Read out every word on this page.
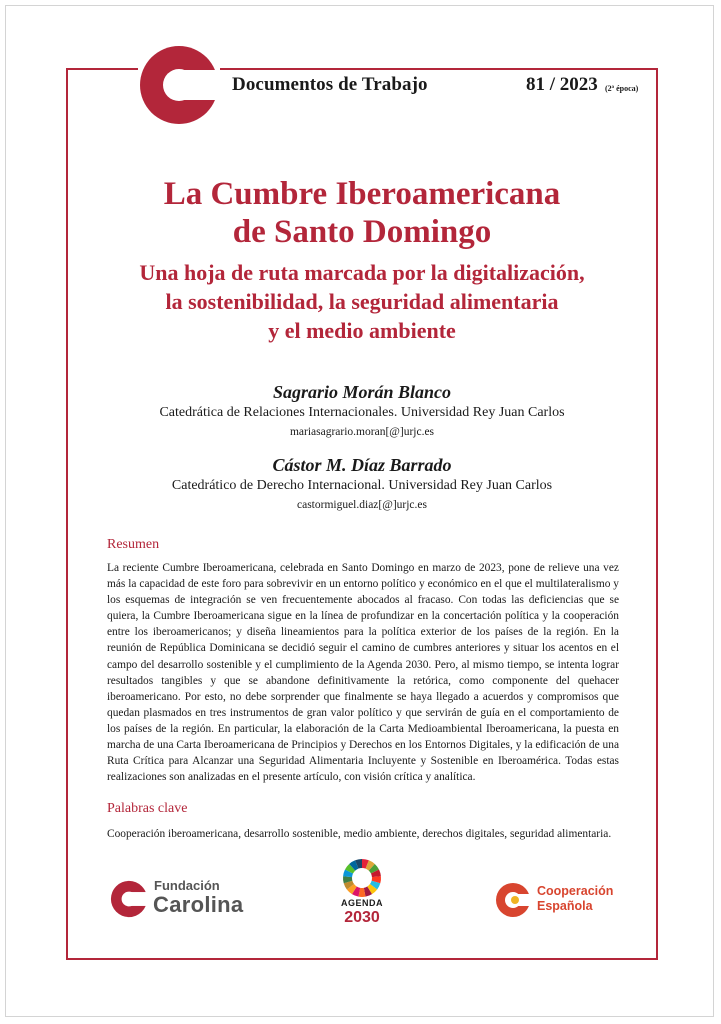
Documentos de Trabajo	81 / 2023 (2ª época)
La Cumbre Iberoamericana
de Santo Domingo
Una hoja de ruta marcada por la digitalización,
la sostenibilidad, la seguridad alimentaria
y el medio ambiente
Sagrario Morán Blanco
Catedrática de Relaciones Internacionales. Universidad Rey Juan Carlos
mariasagrario.moran[@]urjc.es
Cástor M. Díaz Barrado
Catedrático de Derecho Internacional. Universidad Rey Juan Carlos
castormiguel.diaz[@]urjc.es
Resumen

La reciente Cumbre Iberoamericana, celebrada en Santo Domingo en marzo de 2023, pone de relieve una vez más la capacidad de este foro para sobrevivir en un entorno político y económico en el que el multilateralismo y los esquemas de integración se ven frecuentemente abocados al fracaso. Con todas las deficiencias que se quiera, la Cumbre Iberoamericana sigue en la línea de profundizar en la concertación política y la cooperación entre los iberoamericanos; y diseña lineamientos para la política exterior de los países de la región. En la reunión de República Dominicana se decidió seguir el camino de cumbres anteriores y situar los acentos en el campo del desarrollo sostenible y el cumplimiento de la Agenda 2030. Pero, al mismo tiempo, se intenta lograr resultados tangibles y que se abandone definitivamente la retórica, como componente del quehacer iberoamericano. Por esto, no debe sorprender que finalmente se haya llegado a acuerdos y compromisos que quedan plasmados en tres instrumentos de gran valor político y que servirán de guía en el comportamiento de los países de la región. En particular, la elaboración de la Carta Medioambiental Iberoamericana, la puesta en marcha de una Carta Iberoamericana de Principios y Derechos en los Entornos Digitales, y la edificación de una Ruta Crítica para Alcanzar una Seguridad Alimentaria Incluyente y Sostenible en Iberoamérica. Todas estas realizaciones son analizadas en el presente artículo, con visión crítica y analítica.

Palabras clave

Cooperación iberoamericana, desarrollo sostenible, medio ambiente, derechos digitales, seguridad alimentaria.

Fundación
Carolina	AGENDA
2030
Cooperación
Española
